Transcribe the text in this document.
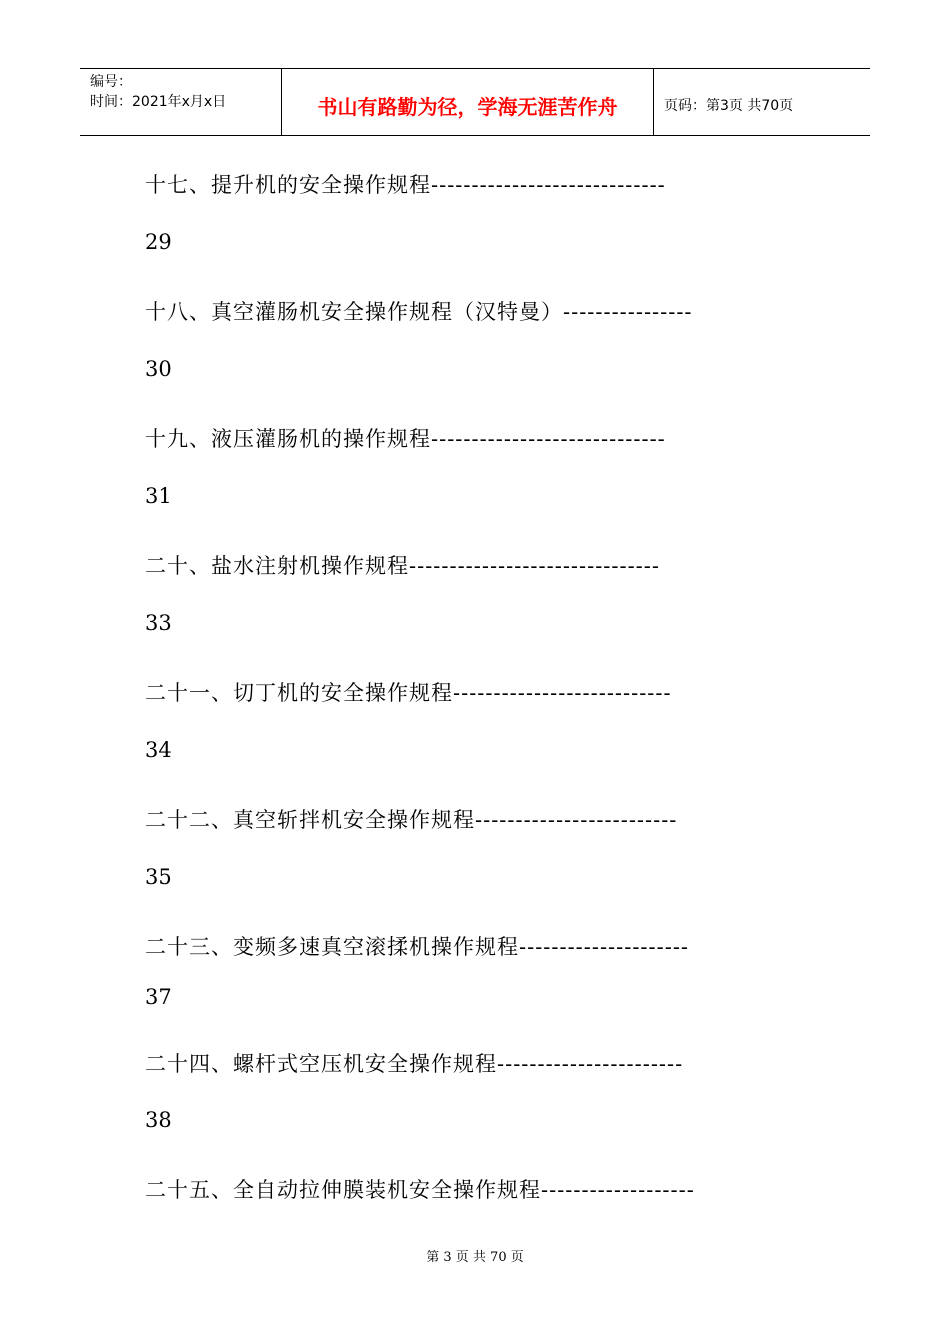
编号：
时间：2021年x月x日	书山有路勤为径，学海无涯苦作舟	页码：第3页 共70页
十七、提升机的安全操作规程-----------------------------
29
十八、真空灌肠机安全操作规程（汉特曼）----------------
30
十九、液压灌肠机的操作规程-----------------------------
31
二十、盐水注射机操作规程-------------------------------
33
二十一、切丁机的安全操作规程---------------------------
34
二十二、真空斩拌机安全操作规程-------------------------
35
二十三、变频多速真空滚揉机操作规程---------------------
37
二十四、螺杆式空压机安全操作规程-----------------------
38
二十五、全自动拉伸膜装机安全操作规程-------------------
第 3 页 共 70 页
